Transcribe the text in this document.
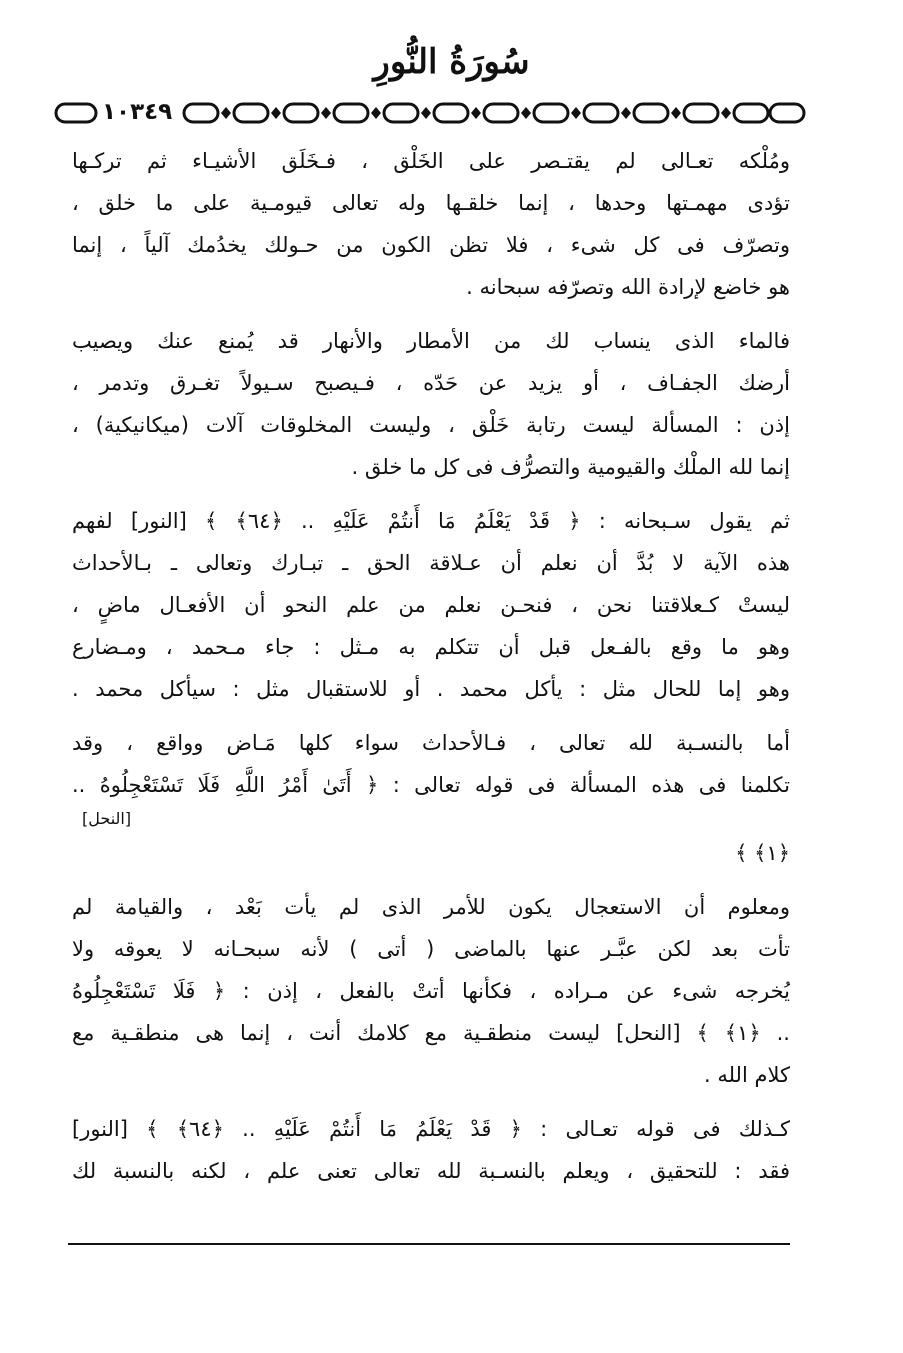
سُورَةُ النُّورِ
١٠٣٤٩
ومُلْكه تعـالى لم يقتـصر على الخَلْق ، فـخَلَق الأشيـاء ثم تركـها
تؤدى مهمـتها وحدها ، إنما خلقـها وله تعالى قيومـية على ما خلق ،
وتصرّف فى كل شىء ، فلا تظن الكون من حـولك يخدُمك آلياً ، إنما
هو خاضع لإرادة الله وتصرّفه سبحانه .
فالماء الذى ينساب لك من الأمطار والأنهار قد يُمنع عنك ويصيب
أرضك الجفـاف ، أو يزيد عن حَدّه ، فـيصبح سـيولاً تغـرق وتدمر ،
إذن : المسألة ليست رتابة خَلْق ، وليست المخلوقات آلات (ميكانيكية) ،
إنما لله الملْك والقيومية والتصرُّف فى كل ما خلق .
ثم يقول سـبحانه : ﴿ قَدْ يَعْلَمُ مَا أَنتُمْ عَلَيْهِ .. ﴿٦٤﴾ ﴾ [النور] لفهم
هذه الآية لا بُدَّ أن نعلم أن عـلاقة الحق ـ تبـارك وتعالى ـ بـالأحداث
ليستْ كـعلاقتنا نحن ، فنحـن نعلم من علم النحو أن الأفعـال ماضٍ ،
وهو ما وقع بالفـعل قبل أن تتكلم به مـثل : جاء مـحمد ، ومـضارع
وهو إما للحال مثل : يأكل محمد . أو للاستقبال مثل : سيأكل محمد .
أما بالنسـبة لله تعالى ، فـالأحداث سواء كلها مَـاض وواقع ، وقد
تكلمنا فى هذه المسألة فى قوله تعالى : ﴿ أَتَىٰ أَمْرُ اللَّهِ فَلَا تَسْتَعْجِلُوهُ ..
[النحل]
﴿١﴾ ﴾
ومعلوم أن الاستعجال يكون للأمر الذى لم يأت بَعْد ، والقيامة لم
تأت بعد لكن عبَّـر عنها بالماضى ( أتى ) لأنه سبحـانه لا يعوقه ولا
يُخرجه شىء عن مـراده ، فكأنها أتتْ بالفعل ، إذن : ﴿ فَلَا تَسْتَعْجِلُوهُ
.. ﴿١﴾ ﴾ [النحل] ليست منطقـية مع كلامك أنت ، إنما هى منطقـية مع
كلام الله .
كـذلك فى قوله تعـالى : ﴿ قَدْ يَعْلَمُ مَا أَنتُمْ عَلَيْهِ .. ﴿٦٤﴾ ﴾ [النور]
فقد : للتحقيق ، ويعلم بالنسـبة لله تعالى تعنى علم ، لكنه بالنسبة لك
